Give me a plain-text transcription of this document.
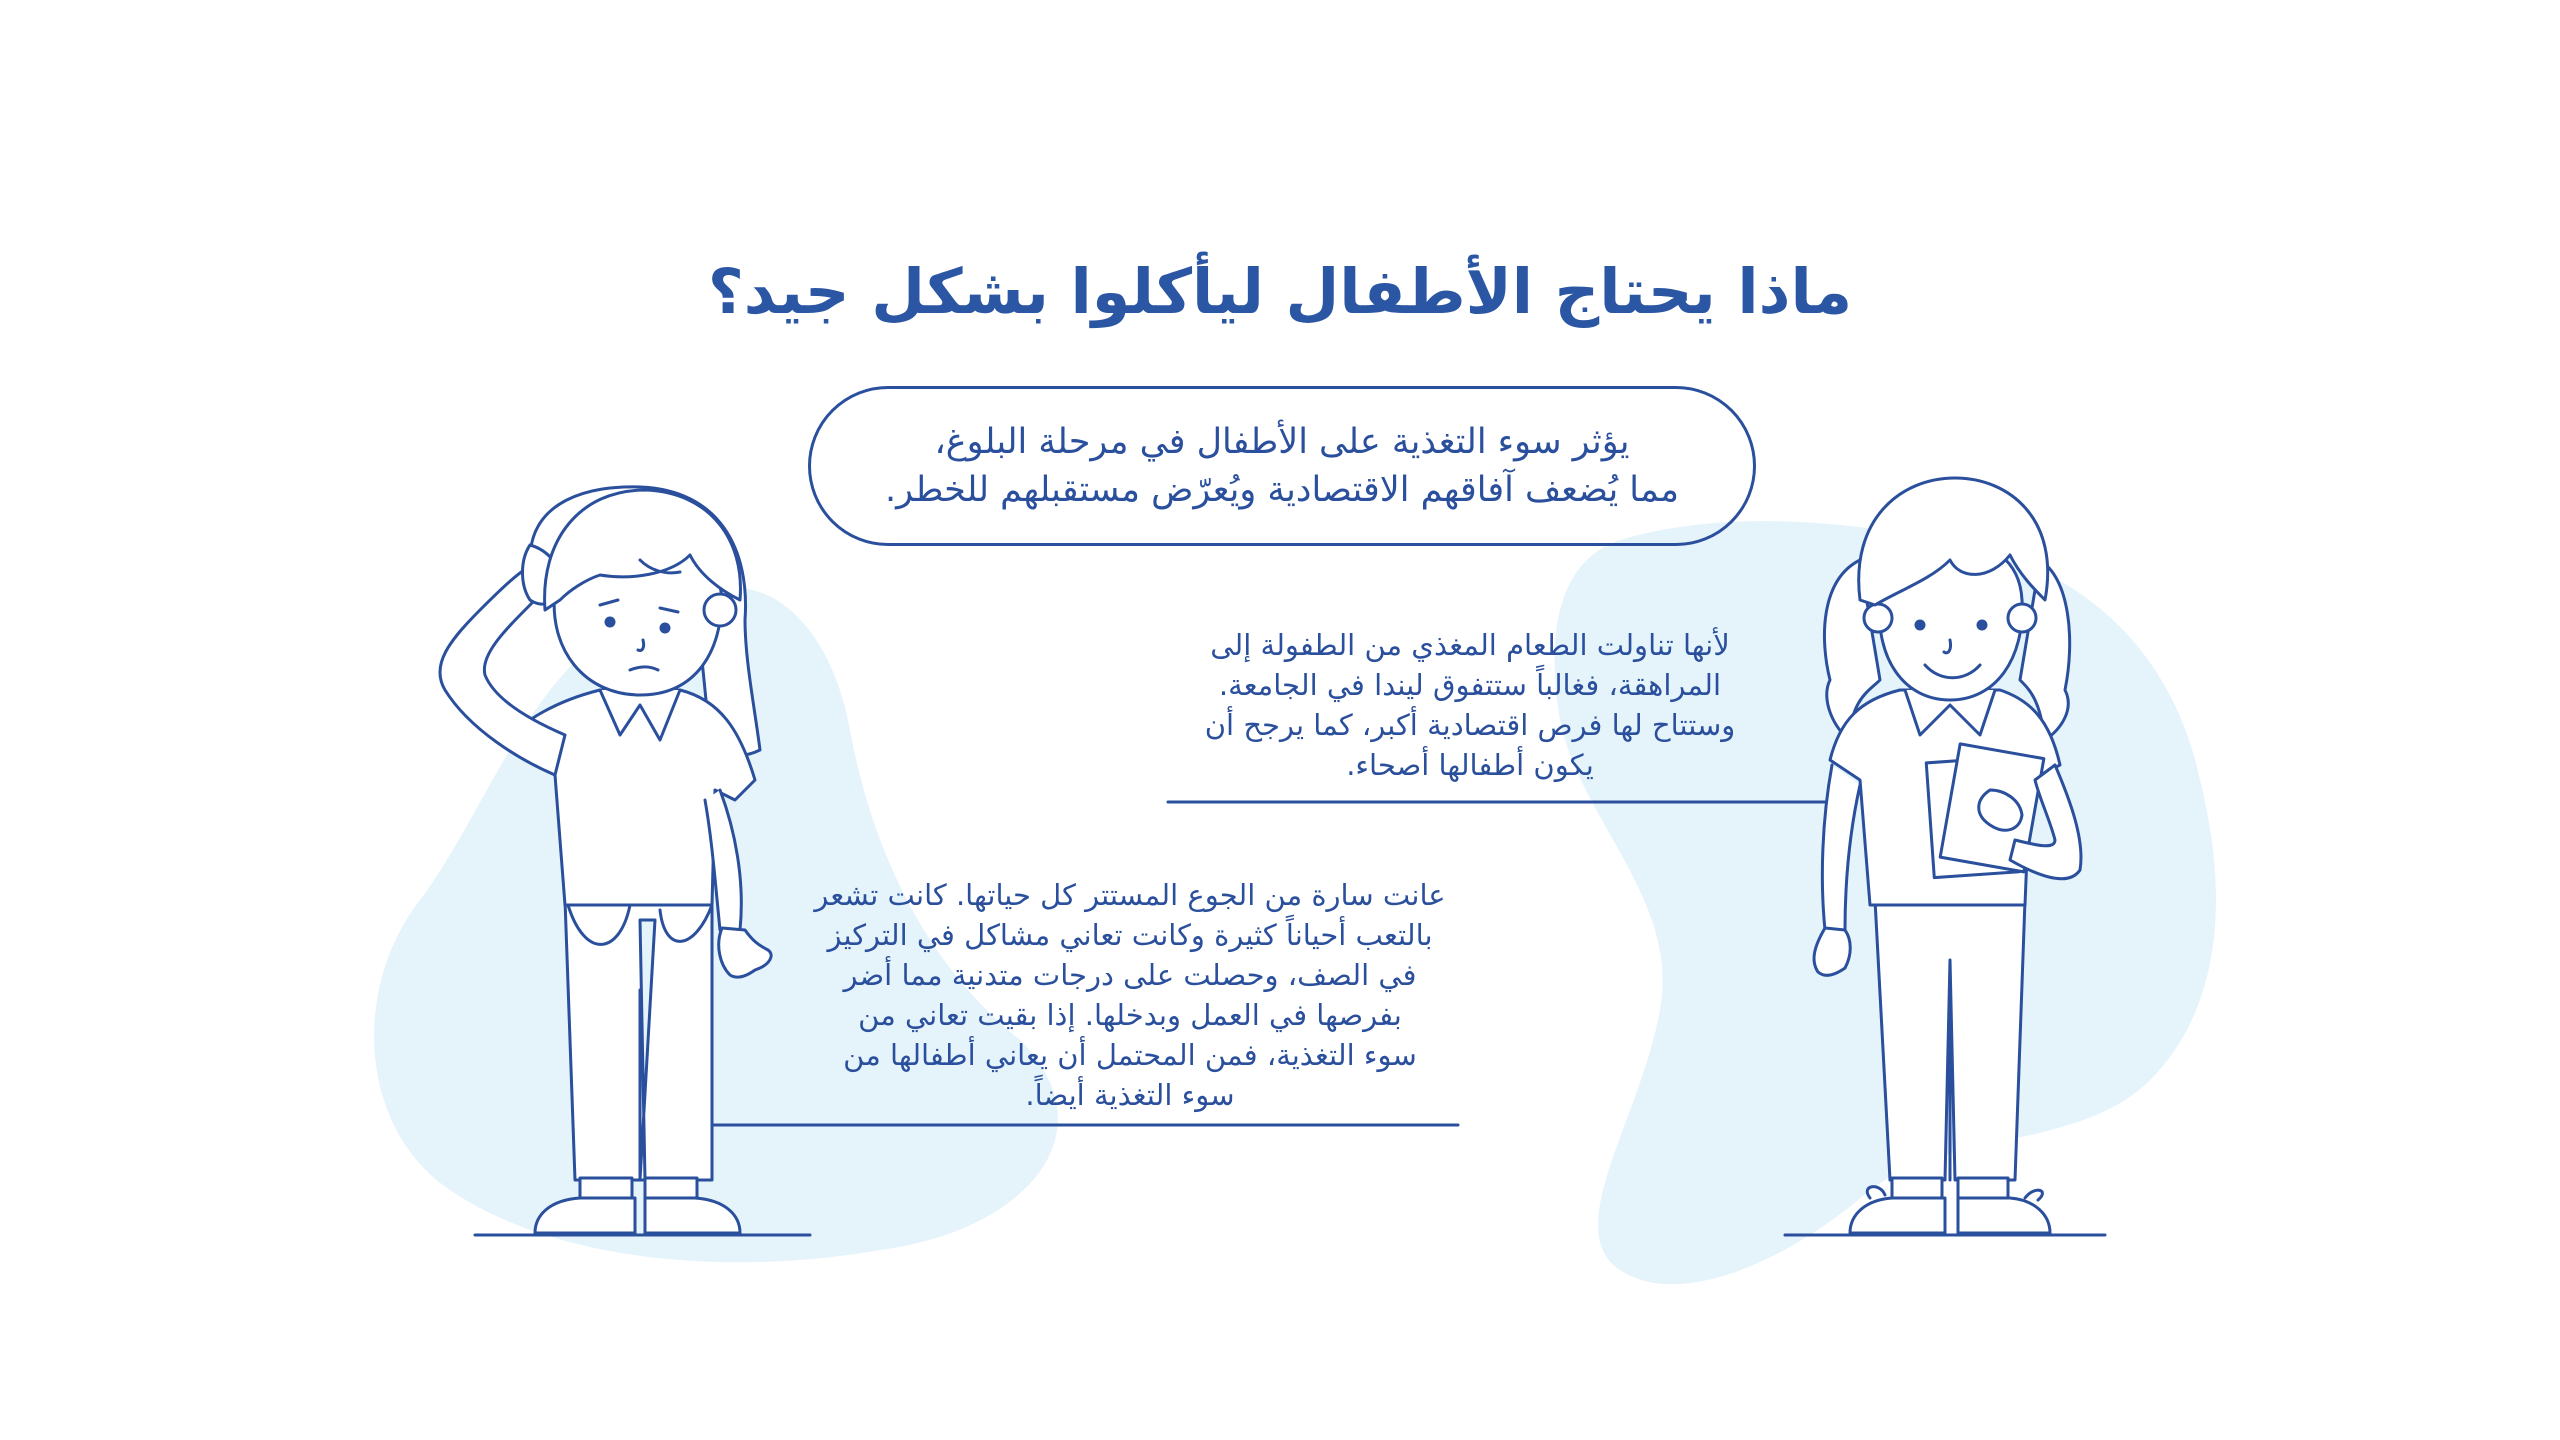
ماذا يحتاج الأطفال ليأكلوا بشكل جيد؟
يؤثر سوء التغذية على الأطفال في مرحلة البلوغ،
مما يُضعف آفاقهم الاقتصادية ويُعرّض مستقبلهم للخطر.

لأنها تناولت الطعام المغذي من الطفولة إلى
المراهقة، فغالباً ستتفوق ليندا في الجامعة.
وستتاح لها فرص اقتصادية أكبر، كما يرجح أن
يكون أطفالها أصحاء.

عانت سارة من الجوع المستتر كل حياتها. كانت تشعر
بالتعب أحياناً كثيرة وكانت تعاني مشاكل في التركيز
في الصف، وحصلت على درجات متدنية مما أضر
بفرصها في العمل وبدخلها. إذا بقيت تعاني من
سوء التغذية، فمن المحتمل أن يعاني أطفالها من
سوء التغذية أيضاً.
